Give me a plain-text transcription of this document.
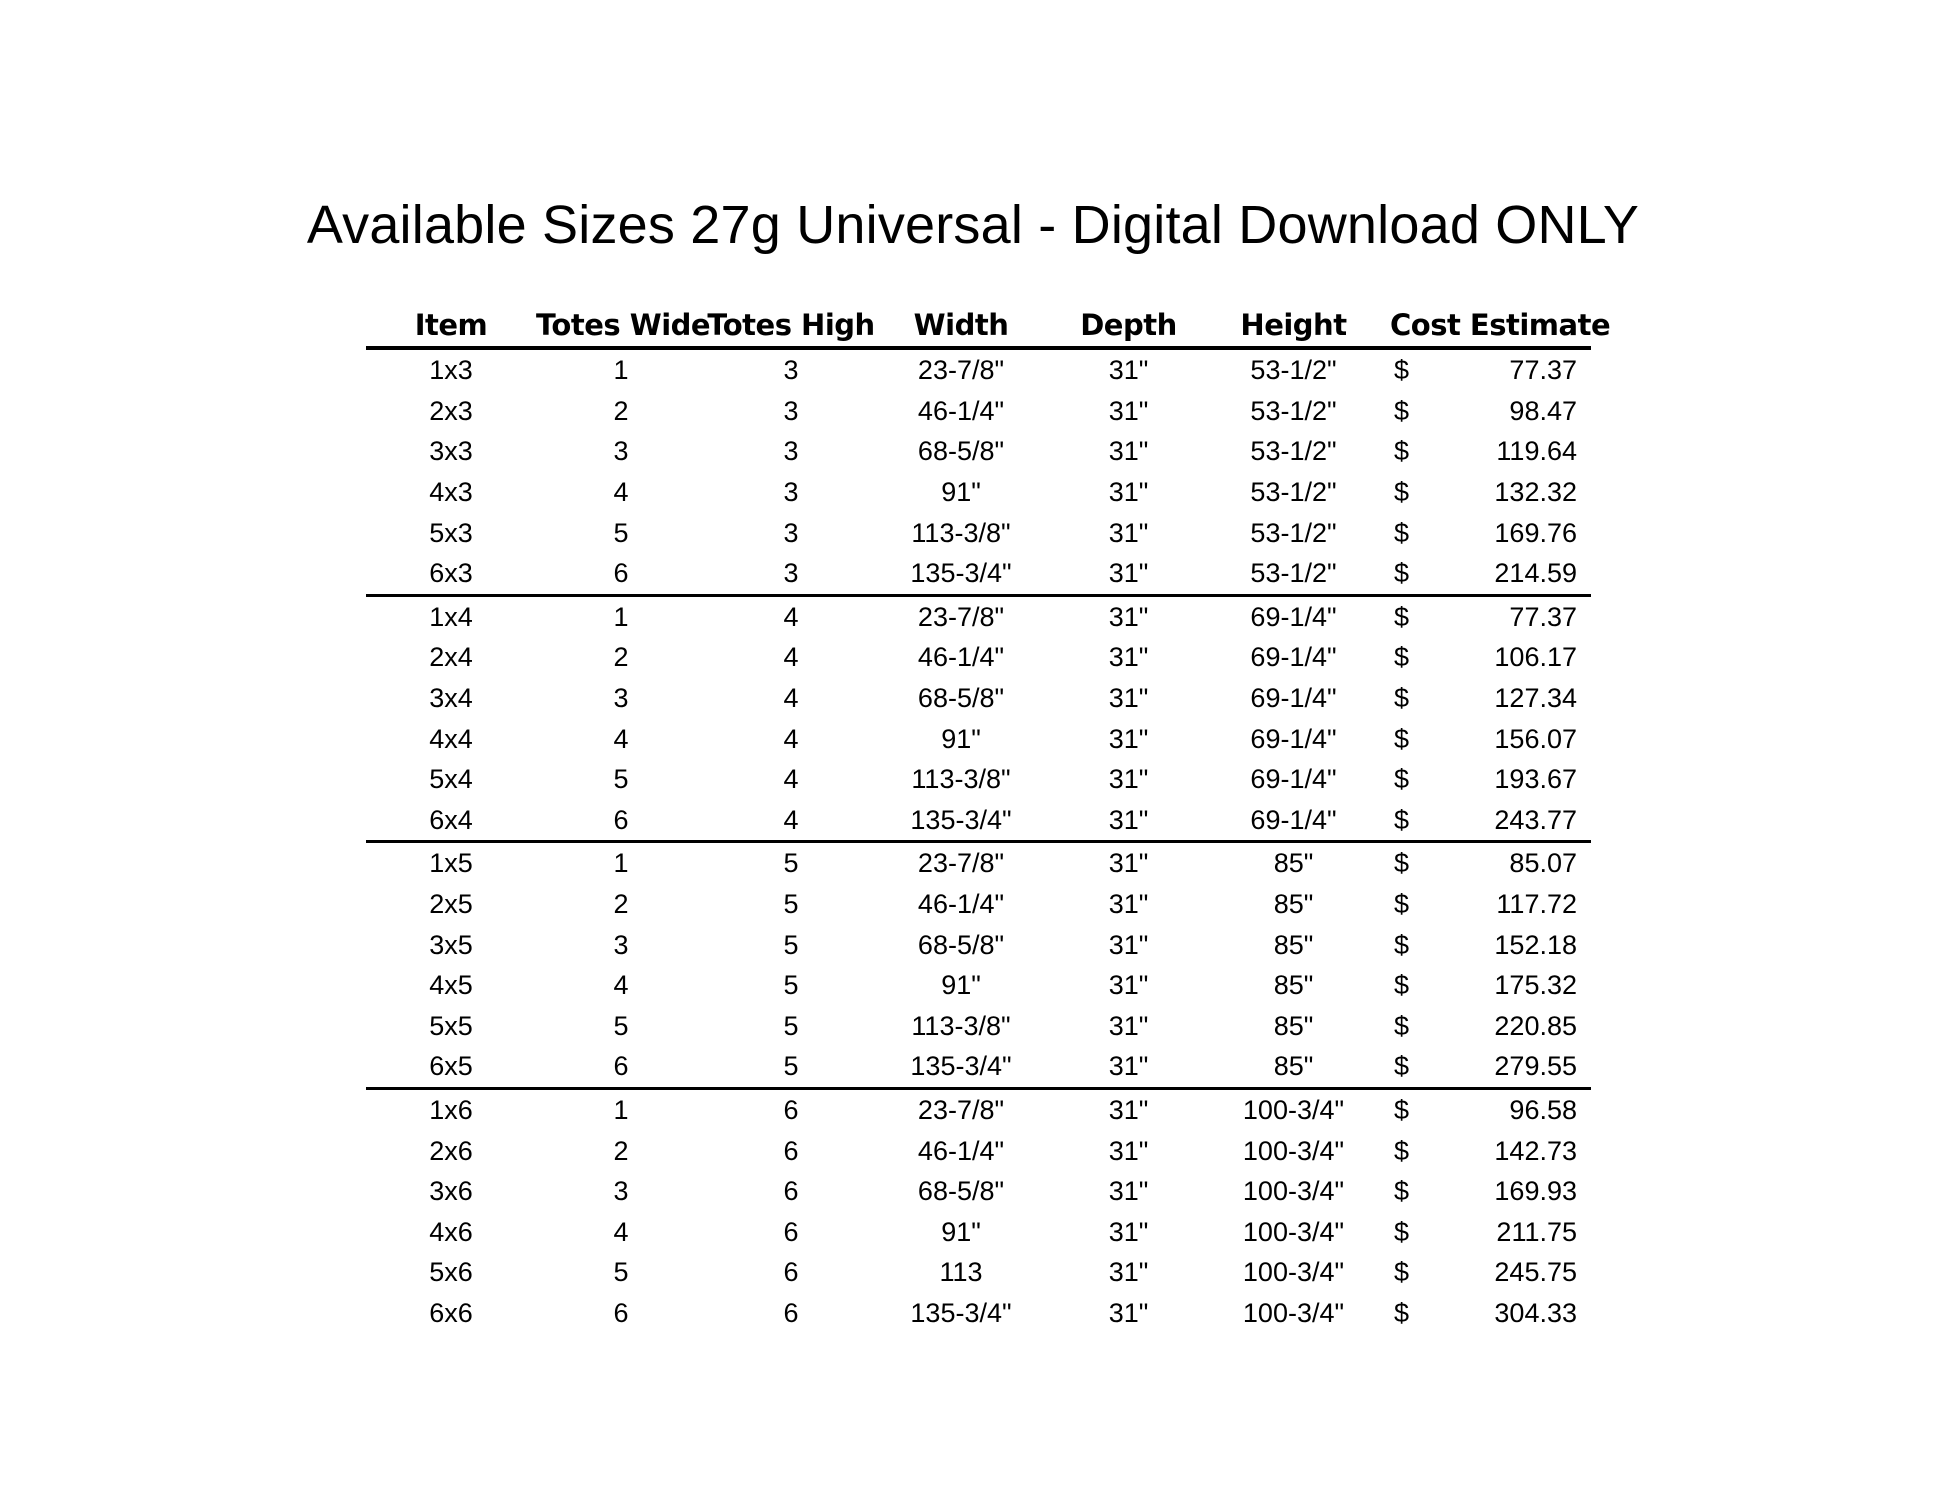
Available Sizes 27g Universal - Digital Download ONLY
Item	Totes Wide	Totes High	Width	Depth	Height	Cost Estimate	
1x3	1	3	23-7/8"	31"	53-1/2"	$	77.37
2x3	2	3	46-1/4"	31"	53-1/2"	$	98.47
3x3	3	3	68-5/8"	31"	53-1/2"	$	119.64
4x3	4	3	91"	31"	53-1/2"	$	132.32
5x3	5	3	113-3/8"	31"	53-1/2"	$	169.76
6x3	6	3	135-3/4"	31"	53-1/2"	$	214.59
1x4	1	4	23-7/8"	31"	69-1/4"	$	77.37
2x4	2	4	46-1/4"	31"	69-1/4"	$	106.17
3x4	3	4	68-5/8"	31"	69-1/4"	$	127.34
4x4	4	4	91"	31"	69-1/4"	$	156.07
5x4	5	4	113-3/8"	31"	69-1/4"	$	193.67
6x4	6	4	135-3/4"	31"	69-1/4"	$	243.77
1x5	1	5	23-7/8"	31"	85"	$	85.07
2x5	2	5	46-1/4"	31"	85"	$	117.72
3x5	3	5	68-5/8"	31"	85"	$	152.18
4x5	4	5	91"	31"	85"	$	175.32
5x5	5	5	113-3/8"	31"	85"	$	220.85
6x5	6	5	135-3/4"	31"	85"	$	279.55
1x6	1	6	23-7/8"	31"	100-3/4"	$	96.58
2x6	2	6	46-1/4"	31"	100-3/4"	$	142.73
3x6	3	6	68-5/8"	31"	100-3/4"	$	169.93
4x6	4	6	91"	31"	100-3/4"	$	211.75
5x6	5	6	113	31"	100-3/4"	$	245.75
6x6	6	6	135-3/4"	31"	100-3/4"	$	304.33
